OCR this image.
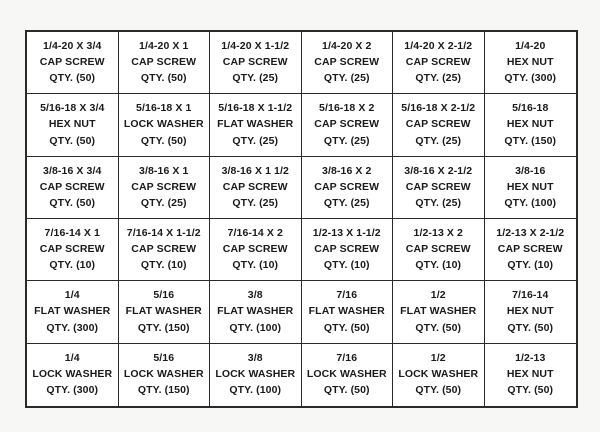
1/4-20 X 3/4
CAP SCREW
QTY. (50)
1/4-20 X 1
CAP SCREW
QTY. (50)
1/4-20 X 1-1/2
CAP SCREW
QTY. (25)
1/4-20 X 2
CAP SCREW
QTY. (25)
1/4-20 X 2-1/2
CAP SCREW
QTY. (25)
1/4-20
HEX NUT
QTY. (300)
5/16-18 X 3/4
HEX NUT
QTY. (50)
5/16-18 X 1
LOCK WASHER
QTY. (50)
5/16-18 X 1-1/2
FLAT WASHER
QTY. (25)
5/16-18 X 2
CAP SCREW
QTY. (25)
5/16-18 X 2-1/2
CAP SCREW
QTY. (25)
5/16-18
HEX NUT
QTY. (150)
3/8-16 X 3/4
CAP SCREW
QTY. (50)
3/8-16 X 1
CAP SCREW
QTY. (25)
3/8-16 X 1 1/2
CAP SCREW
QTY. (25)
3/8-16 X 2
CAP SCREW
QTY. (25)
3/8-16 X 2-1/2
CAP SCREW
QTY. (25)
3/8-16
HEX NUT
QTY. (100)
7/16-14 X 1
CAP SCREW
QTY. (10)
7/16-14 X 1-1/2
CAP SCREW
QTY. (10)
7/16-14 X 2
CAP SCREW
QTY. (10)
1/2-13 X 1-1/2
CAP SCREW
QTY. (10)
1/2-13 X 2
CAP SCREW
QTY. (10)
1/2-13 X 2-1/2
CAP SCREW
QTY. (10)
1/4
FLAT WASHER
QTY. (300)
5/16
FLAT WASHER
QTY. (150)
3/8
FLAT WASHER
QTY. (100)
7/16
FLAT WASHER
QTY. (50)
1/2
FLAT WASHER
QTY. (50)
7/16-14
HEX NUT
QTY. (50)
1/4
LOCK WASHER
QTY. (300)
5/16
LOCK WASHER
QTY. (150)
3/8
LOCK WASHER
QTY. (100)
7/16
LOCK WASHER
QTY. (50)
1/2
LOCK WASHER
QTY. (50)
1/2-13
HEX NUT
QTY. (50)
